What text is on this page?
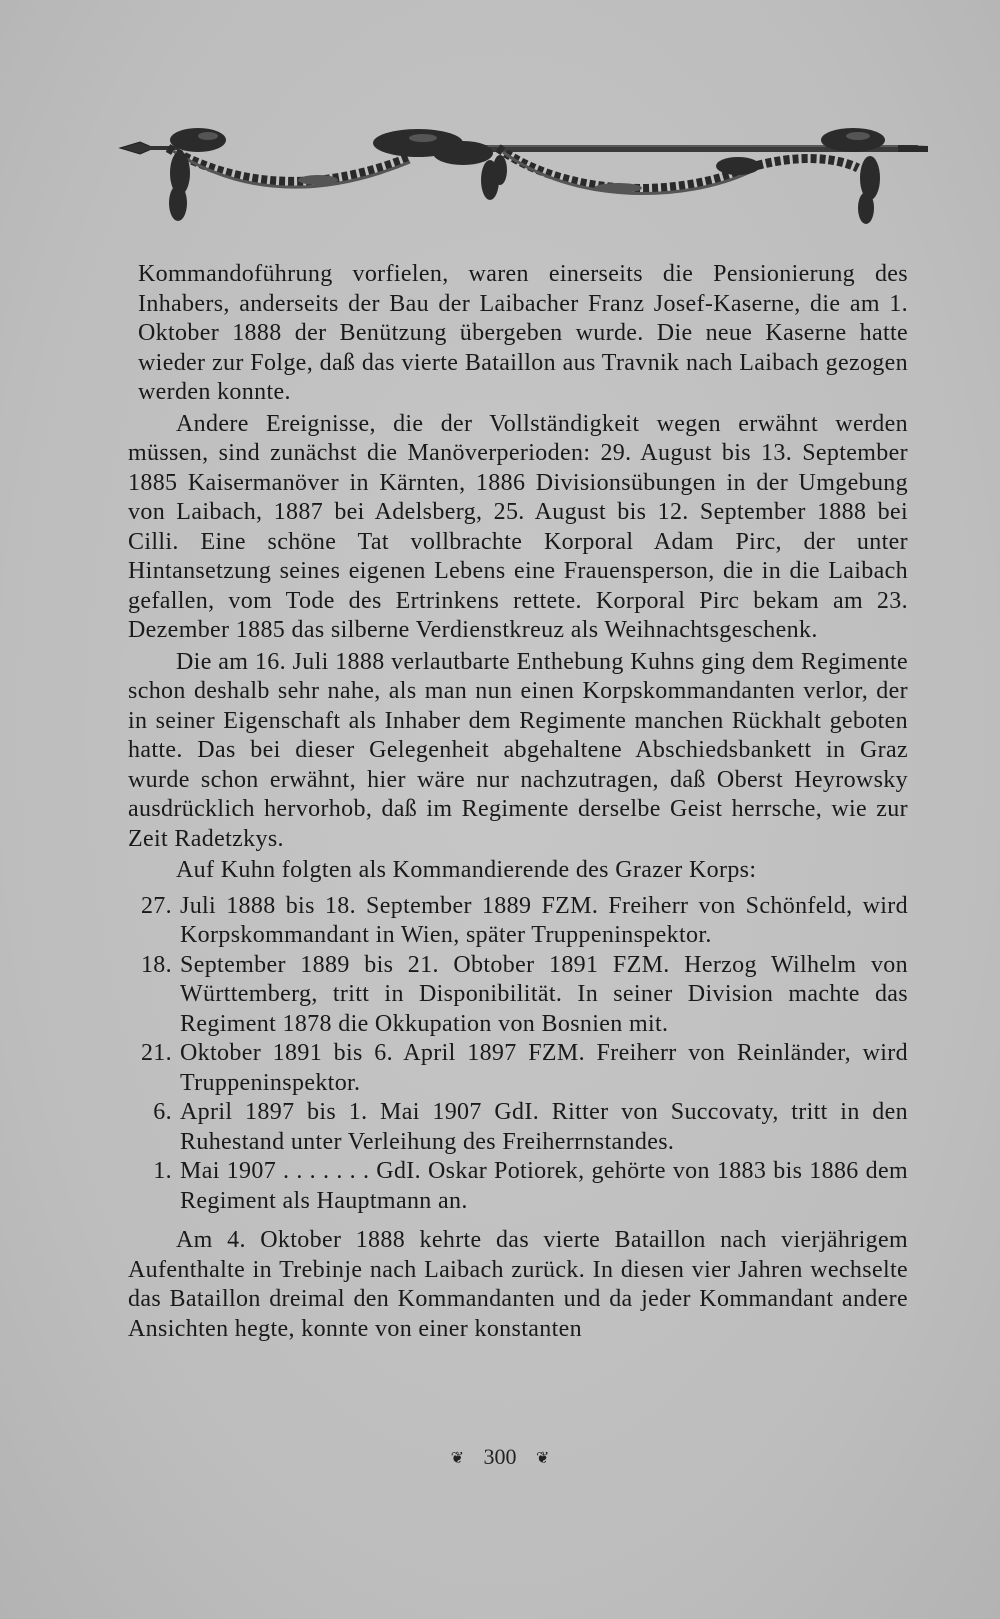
Kommandoführung vorfielen, waren einerseits die Pensionierung des Inhabers, anderseits der Bau der Laibacher Franz Josef-Kaserne, die am 1. Oktober 1888 der Benützung übergeben wurde. Die neue Kaserne hatte wieder zur Folge, daß das vierte Bataillon aus Travnik nach Laibach gezogen werden konnte.

Andere Ereignisse, die der Vollständigkeit wegen erwähnt werden müssen, sind zunächst die Manöverperioden: 29. August bis 13. September 1885 Kaisermanöver in Kärnten, 1886 Divisionsübungen in der Umgebung von Laibach, 1887 bei Adelsberg, 25. August bis 12. September 1888 bei Cilli. Eine schöne Tat vollbrachte Korporal Adam Pirc, der unter Hintansetzung seines eigenen Lebens eine Frauensperson, die in die Laibach gefallen, vom Tode des Ertrinkens rettete. Korporal Pirc bekam am 23. Dezember 1885 das silberne Verdienstkreuz als Weihnachtsgeschenk.

Die am 16. Juli 1888 verlautbarte Enthebung Kuhns ging dem Regimente schon deshalb sehr nahe, als man nun einen Korpskommandanten verlor, der in seiner Eigenschaft als Inhaber dem Regimente manchen Rückhalt geboten hatte. Das bei dieser Gelegenheit abgehaltene Abschiedsbankett in Graz wurde schon erwähnt, hier wäre nur nachzutragen, daß Oberst Heyrowsky ausdrücklich hervorhob, daß im Regimente derselbe Geist herrsche, wie zur Zeit Radetzkys.

Auf Kuhn folgten als Kommandierende des Grazer Korps:

27. Juli 1888 bis 18. September 1889 FZM. Freiherr von Schönfeld, wird Korpskommandant in Wien, später Truppeninspektor.
18. September 1889 bis 21. Obtober 1891 FZM. Herzog Wilhelm von Württemberg, tritt in Disponibilität. In seiner Division machte das Regiment 1878 die Okkupation von Bosnien mit.
21. Oktober 1891 bis 6. April 1897 FZM. Freiherr von Reinländer, wird Truppeninspektor.
6. April 1897 bis 1. Mai 1907 GdI. Ritter von Succovaty, tritt in den Ruhestand unter Verleihung des Freiherrnstandes.
1. Mai 1907 . . . . . . . GdI. Oskar Potiorek, gehörte von 1883 bis 1886 dem Regiment als Hauptmann an.

Am 4. Oktober 1888 kehrte das vierte Bataillon nach vierjährigem Aufenthalte in Trebinje nach Laibach zurück. In diesen vier Jahren wechselte das Bataillon dreimal den Kommandanten und da jeder Kommandant andere Ansichten hegte, konnte von einer konstanten

❦ 300 ❦
